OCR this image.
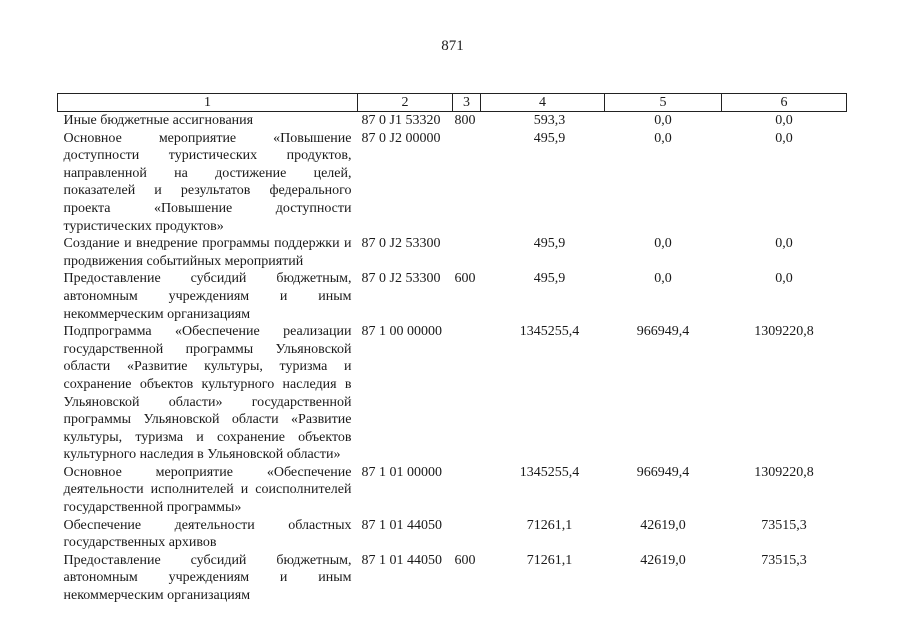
871
1	2	3	4	5	6
Иные бюджетные ассигнования	87 0 J1 53320	800	593,3	0,0	0,0
Основное мероприятие «Повышение доступности туристических продуктов, направленной на достижение целей, показателей и результатов федерального проекта «Повышение доступности туристических продуктов»	87 0 J2 00000		495,9	0,0	0,0
Создание и внедрение программы поддержки и продвижения событийных мероприятий	87 0 J2 53300		495,9	0,0	0,0
Предоставление субсидий бюджетным, автономным учреждениям и иным некоммерческим организациям	87 0 J2 53300	600	495,9	0,0	0,0
Подпрограмма «Обеспечение реализации государственной программы Ульяновской области «Развитие культуры, туризма и сохранение объектов культурного наследия в Ульяновской области» государственной программы Ульяновской области «Развитие культуры, туризма и сохранение объектов культурного наследия в Ульяновской области»	87 1 00 00000		1345255,4	966949,4	1309220,8
Основное мероприятие «Обеспечение деятельности исполнителей и соисполнителей государственной программы»	87 1 01 00000		1345255,4	966949,4	1309220,8
Обеспечение деятельности областных государственных архивов	87 1 01 44050		71261,1	42619,0	73515,3
Предоставление субсидий бюджетным, автономным учреждениям и иным некоммерческим организациям	87 1 01 44050	600	71261,1	42619,0	73515,3
